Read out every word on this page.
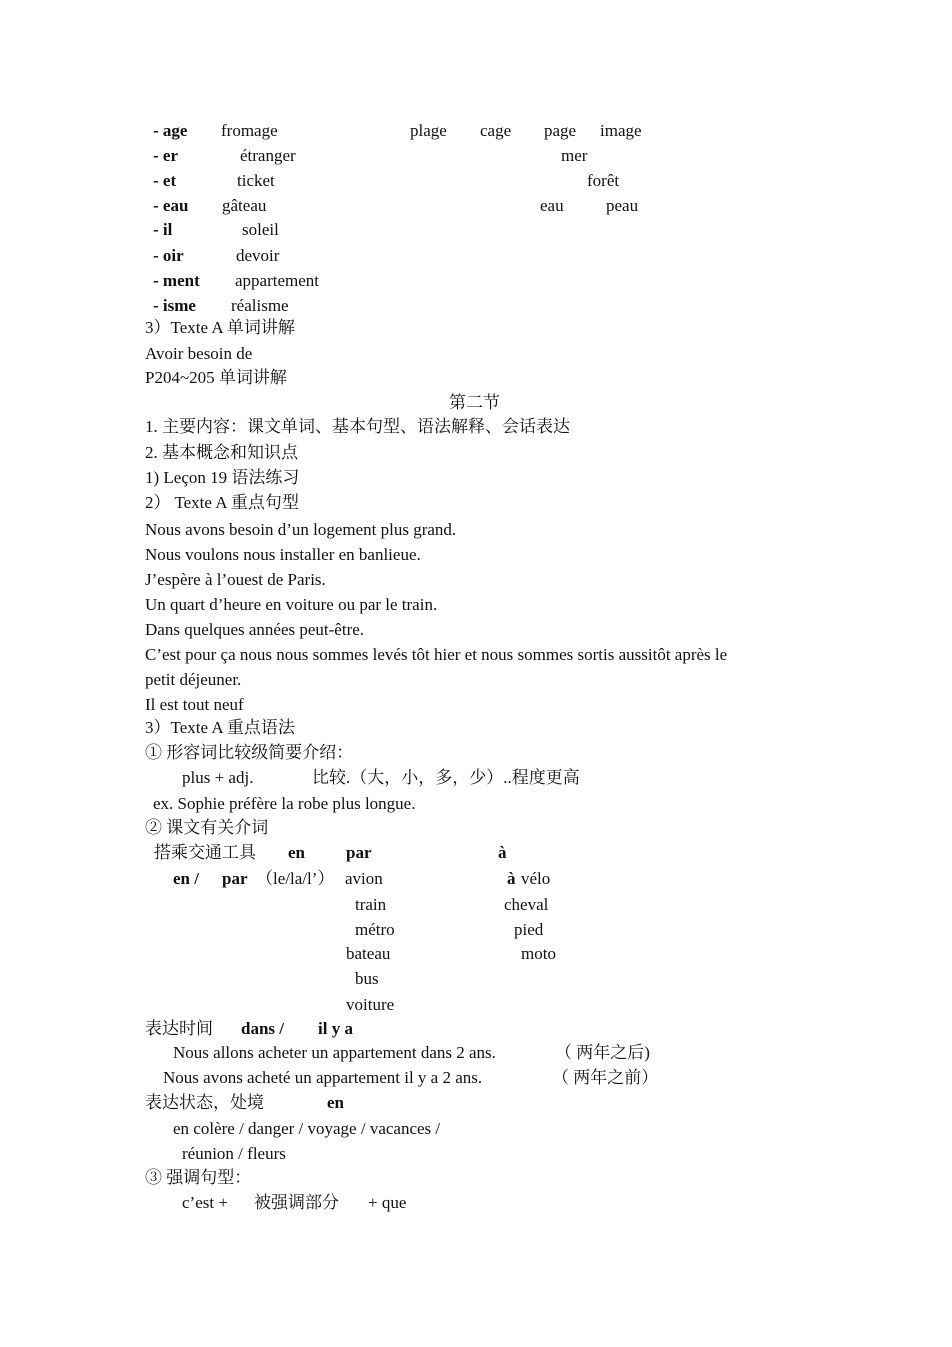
- age fromage	plage cage page image
- er	étranger	mer
- et	ticket	forêt
- eau gâteau	eau peau
- il	soleil
- oir	devoir
- ment appartement
- isme réalisme
3）Texte A 单词讲解
Avoir besoin de
P204~205 单词讲解
第二节
1. 主要内容：课文单词、基本句型、语法解释、会话表达
2. 基本概念和知识点
1) Leçon 19 语法练习
2） Texte A 重点句型
Nous avons besoin d’un logement plus grand.
Nous voulons nous installer en banlieue.
J’espère à l’ouest de Paris.
Un quart d’heure en voiture ou par le train.
Dans quelques années peut-être.
C’est pour ça nous nous sommes levés tôt hier et nous sommes sortis aussitôt après le
petit déjeuner.
Il est tout neuf
3）Texte A 重点语法
① 形容词比较级简要介绍：
plus + adj.	比较.（大，小，多，少）..程度更高
ex. Sophie préfère la robe plus longue.
② 课文有关介词
搭乘交通工具 en par	à
en / par （le/la/l’） avion	à vélo
train	cheval
métro	pied
bateau	moto
bus
voiture
表达时间 dans / il y a
Nous allons acheter un appartement dans 2 ans.	（ 两年之后)
Nous avons acheté un appartement il y a 2 ans.	（ 两年之前）
表达状态，处境	en
en colère / danger / voyage / vacances /
réunion / fleurs
③ 强调句型：
c’est + 被强调部分 + que
